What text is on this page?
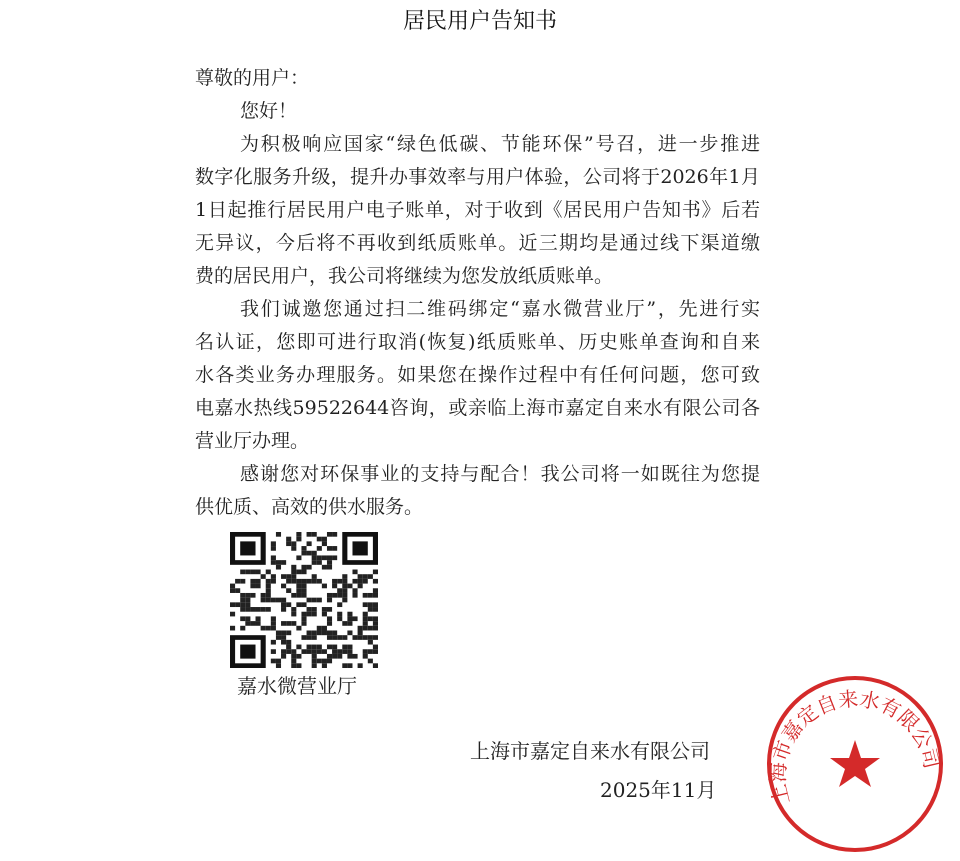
居民用户告知书
尊敬的用户：
您好！
为积极响应国家“绿色低碳、节能环保”号召，进一步推进
数字化服务升级，提升办事效率与用户体验，公司将于2026年1月
1日起推行居民用户电子账单，对于收到《居民用户告知书》后若
无异议，今后将不再收到纸质账单。近三期均是通过线下渠道缴
费的居民用户，我公司将继续为您发放纸质账单。
我们诚邀您通过扫二维码绑定“嘉水微营业厅”，先进行实
名认证，您即可进行取消(恢复)纸质账单、历史账单查询和自来
水各类业务办理服务。如果您在操作过程中有任何问题，您可致
电嘉水热线59522644咨询，或亲临上海市嘉定自来水有限公司各
营业厅办理。
感谢您对环保事业的支持与配合！我公司将一如既往为您提
供优质、高效的供水服务。
嘉水微营业厅
上海市嘉定自来水有限公司
2025年11月 上海市嘉定自来水有限公司
